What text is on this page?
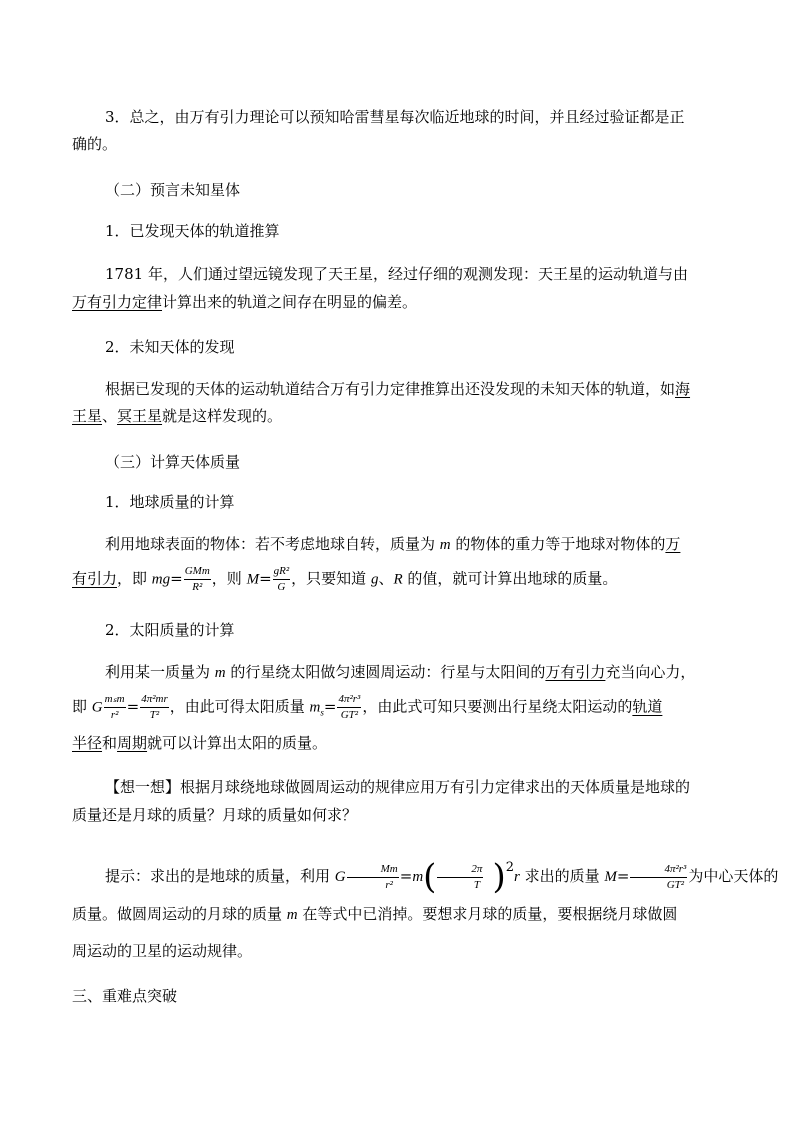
3．总之，由万有引力理论可以预知哈雷彗星每次临近地球的时间，并且经过验证都是正
确的。
（二）预言未知星体
1．已发现天体的轨道推算
1781 年，人们通过望远镜发现了天王星，经过仔细的观测发现：天王星的运动轨道与由
万有引力定律计算出来的轨道之间存在明显的偏差。
2．未知天体的发现
根据已发现的天体的运动轨道结合万有引力定律推算出还没发现的未知天体的轨道，如海
王星、冥王星就是这样发现的。
（三）计算天体质量
1．地球质量的计算
利用地球表面的物体：若不考虑地球自转，质量为 m 的物体的重力等于地球对物体的万
有引力，即 $mg= \frac{\text{GMm}}{\text{R²}}$ ，则 $M= \frac{\text{gR²}}{G}$ ，只要知道 g、R 的值，就可计算出地球的质量。
2．太阳质量的计算
利用某一质量为 m 的行星绕太阳做匀速圆周运动：行星与太阳间的万有引力充当向心力，
即 G $\frac{\text{mₛm}}{\text{r²}} = \frac{\text{4π²mr}}{\text{T²}}$ ，由此可得太阳质量 $m_s= \frac{\text{4π²r³}}{\text{GT²}}$ ，由此式可知只要测出行星绕太阳运动的轨道
半径和周期就可以计算出太阳的质量。
【想一想】根据月球绕地球做圆周运动的规律应用万有引力定律求出的天体质量是地球的
质量还是月球的质量？月球的质量如何求？
提示：求出的是地球的质量，利用 G $\frac{Mm}{\text{r²}} =m( \frac{2\pi}{T} )2r$ 求出的质量 $M= \frac{\text{4π²r³}}{\text{GT²}}$ 为中心天体的
质量。做圆周运动的月球的质量 m 在等式中已消掉。要想求月球的质量，要根据绕月球做圆
周运动的卫星的运动规律。
三、重难点突破
